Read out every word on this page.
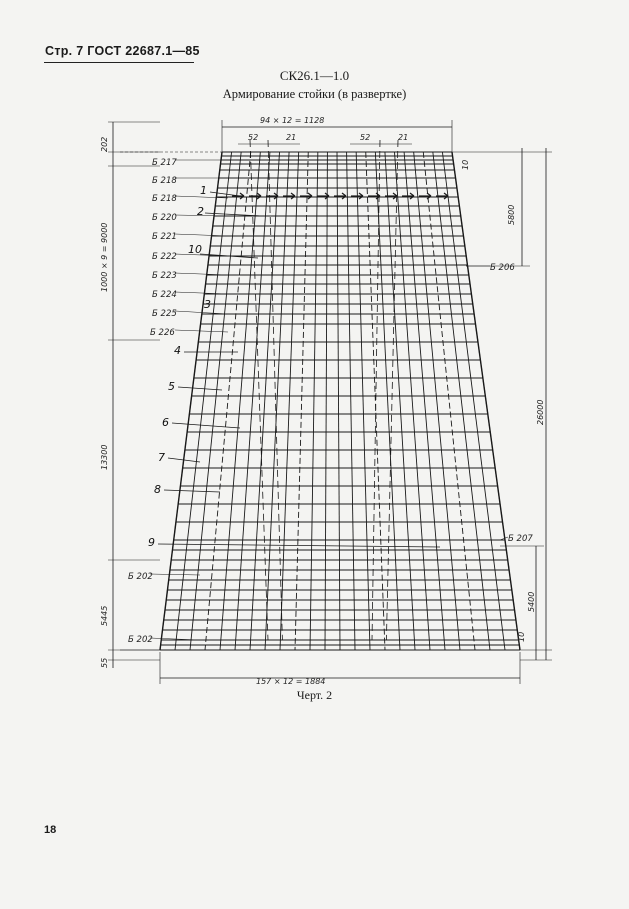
Стр. 7 ГОСТ 22687.1—85
СК26.1—1.0
Армирование стойки (в развертке)
94 × 12 = 1128
52	21	52	21
157 × 12 = 1884
202
1000 × 9 = 9000
13300
5445
55
10
5800
26000
5400
10
Б 217
Б 218
Б 218
Б 220
Б 221
Б 222
Б 223
Б 224
Б 225
Б 226
Б 202
Б 202
Б 206
Б 207
1
2
10
3
4
5
6
7
8
9
Черт. 2
18
